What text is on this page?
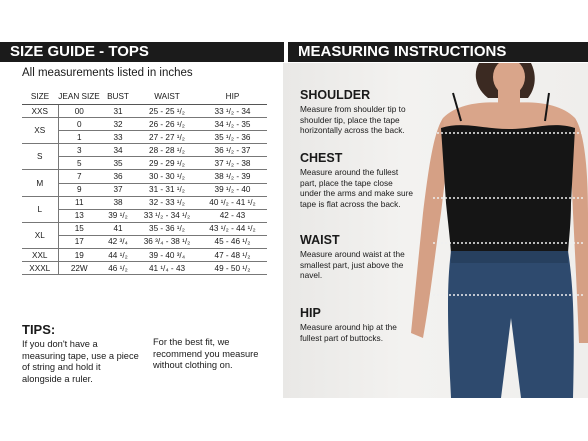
SIZE GUIDE - TOPS	MEASURING INSTRUCTIONS
All measurements listed in inches
SIZE	JEAN SIZE	BUST	WAIST	HIP
XXS	00	31	25 - 25 ¹/₂	33 ¹/₂ - 34
XS	0	32	26 - 26 ¹/₂	34 ¹/₂ - 35
	1	33	27 - 27 ¹/₂	35 ¹/₂ - 36
S	3	34	28 - 28 ¹/₂	36 ¹/₂ - 37
	5	35	29 - 29 ¹/₂	37 ¹/₂ - 38
M	7	36	30 - 30 ¹/₂	38 ¹/₂ - 39
	9	37	31 - 31 ¹/₂	39 ¹/₂ - 40
L	11	38	32 - 33 ¹/₂	40 ¹/₂ - 41 ¹/₂
	13	39 ¹/₂	33 ¹/₂ - 34 ¹/₂	42 - 43
XL	15	41	35 - 36 ¹/₂	43 ¹/₂ - 44 ¹/₂
	17	42 ³/₄	36 ³/₄ - 38 ¹/₂	45 - 46 ¹/₂
XXL	19	44 ¹/₂	39 - 40 ³/₄	47 - 48 ¹/₂
XXXL	22W	46 ¹/₂	41 ¹/₄ - 43	49 - 50 ¹/₂
TIPS:
If you don't have a measuring tape, use a piece of string and hold it alongside a ruler.
For the best fit, we recommend you measure without clothing on.
SHOULDER
Measure from shoulder tip to shoulder tip, place the tape horizontally across the back.
CHEST
Measure around the fullest part, place the tape close under the arms and make sure tape is flat across the back.
WAIST
Measure around waist at the smallest part, just above the navel.
HIP
Measure around hip at the fullest part of buttocks.
